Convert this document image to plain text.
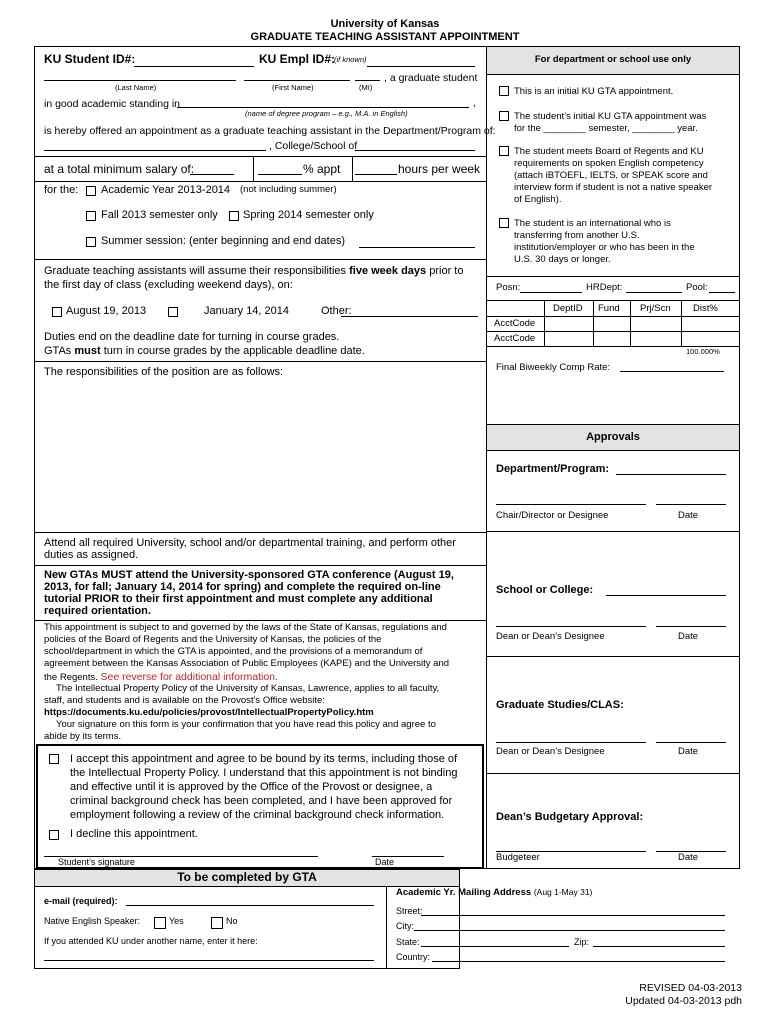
University of Kansas
GRADUATE TEACHING ASSISTANT APPOINTMENT
KU Student ID#:	KU Empl ID#:
(if known)
, a graduate student
(Last Name)	(First Name)	(MI)
in good academic standing in	,
(name of degree program – e.g., M.A. in English)
is hereby offered an appointment as a graduate teaching assistant in the Department/Program of:
, College/School of
at a total minimum salary of:	% appt	hours per week
for the: Academic Year 2013-2014 (not including summer)
Fall 2013 semester only Spring 2014 semester only
Summer session: (enter beginning and end dates)
Graduate teaching assistants will assume their responsibilities five week days prior to
the first day of class (excluding weekend days), on:
August 19, 2013	January 14, 2014	Other:
Duties end on the deadline date for turning in course grades.
GTAs must turn in course grades by the applicable deadline date.
The responsibilities of the position are as follows:
Attend all required University, school and/or departmental training, and perform other
duties as assigned.
New GTAs MUST attend the University-sponsored GTA conference (August 19,
2013, for fall; January 14, 2014 for spring) and complete the required on-line
tutorial PRIOR to their first appointment and must complete any additional
required orientation.
This appointment is subject to and governed by the laws of the State of Kansas, regulations and
policies of the Board of Regents and the University of Kansas, the policies of the
school/department in which the GTA is appointed, and the provisions of a memorandum of
agreement between the Kansas Association of Public Employees (KAPE) and the University and
the Regents. See reverse for additional information.
The Intellectual Property Policy of the University of Kansas, Lawrence, applies to all faculty,
staff, and students and is available on the Provost’s Office website:
https://documents.ku.edu/policies/provost/IntellectualPropertyPolicy.htm
Your signature on this form is your confirmation that you have read this policy and agree to
abide by its terms.
I accept this appointment and agree to be bound by its terms, including those of
the Intellectual Property Policy. I understand that this appointment is not binding
and effective until it is approved by the Office of the Provost or designee, a
criminal background check has been completed, and I have been approved for
employment following a review of the criminal background check information.
I decline this appointment.
Student’s signature	Date
For department or school use only
This is an initial KU GTA appointment.
The student’s initial KU GTA appointment was
for the ________ semester, ________ year.
The student meets Board of Regents and KU
requirements on spoken English competency
(attach iBTOEFL, IELTS, or SPEAK score and
interview form if student is not a native speaker
of English).
The student is an international who is
transferring from another U.S.
institution/employer or who has been in the
U.S. 30 days or longer.
Posn:	HRDept:	Pool:
DeptID Fund Prj/Scn Dist%
AcctCode
AcctCode
100.000%
Final Biweekly Comp Rate:
Approvals
Department/Program:
Chair/Director or Designee	Date
School or College:
Dean or Dean’s Designee	Date
Graduate Studies/CLAS:
Dean or Dean’s Designee	Date
Dean’s Budgetary Approval:
Budgeteer	Date
To be completed by GTA
e-mail (required):
Native English Speaker:	Yes	No
If you attended KU under another name, enter it here:
Academic Yr. Mailing Address (Aug 1-May 31)
Street:
City:
State:	Zip:
Country:
REVISED 04-03-2013
Updated 04-03-2013 pdh
